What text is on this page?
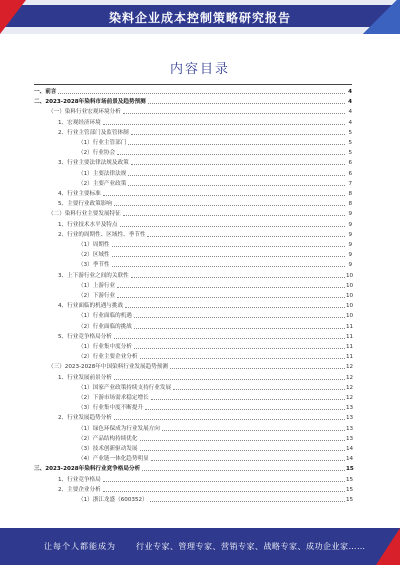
染料企业成本控制策略研究报告
内容目录
一、前言	4
二、2023-2028年染料市场前景及趋势预测	4
（一）染料行业宏观环境分析	4
1、宏观经济环境	4
2、行业主管部门及监管体制	5
（1）行业主管部门	5
（2）行业协会	5
3、行业主要法律法规及政策	6
（1）主要法律法规	6
（2）主要产业政策	7
4、行业主要标准	8
5、主要行业政策影响	8
（二）染料行业主要发展特征	9
1、行业技术水平及特点	9
2、行业的周期性、区域性、季节性	9
（1）周期性	9
（2）区域性	9
（3）季节性	9
3、上下游行业之间的关联性	10
（1）上游行业	10
（2）下游行业	10
4、行业面临的机遇与挑战	10
（1）行业面临的机遇	10
（2）行业面临的挑战	11
5、行业竞争格局分析	11
（1）行业集中度分析	11
（2）行业主要企业分析	11
（三）2023-2028年中国染料行业发展趋势预测	12
1、行业发展前景分析	12
（1）国家产业政策持续支持行业发展	12
（2）下游市场需求稳定增长	12
（3）行业集中度不断提升	13
2、行业发展趋势分析	13
（1）绿色环保成为行业发展方向	13
（2）产品结构持续优化	13
（3）技术创新驱动发展	14
（4）产业链一体化趋势明显	14
三、2023-2028年染料行业竞争格局分析	15
1、行业竞争格局	15
2、主要企业分析	15
（1）浙江龙盛（600352）	15
让每个人都能成为	行业专家、管理专家、营销专家、战略专家、成功企业家……
